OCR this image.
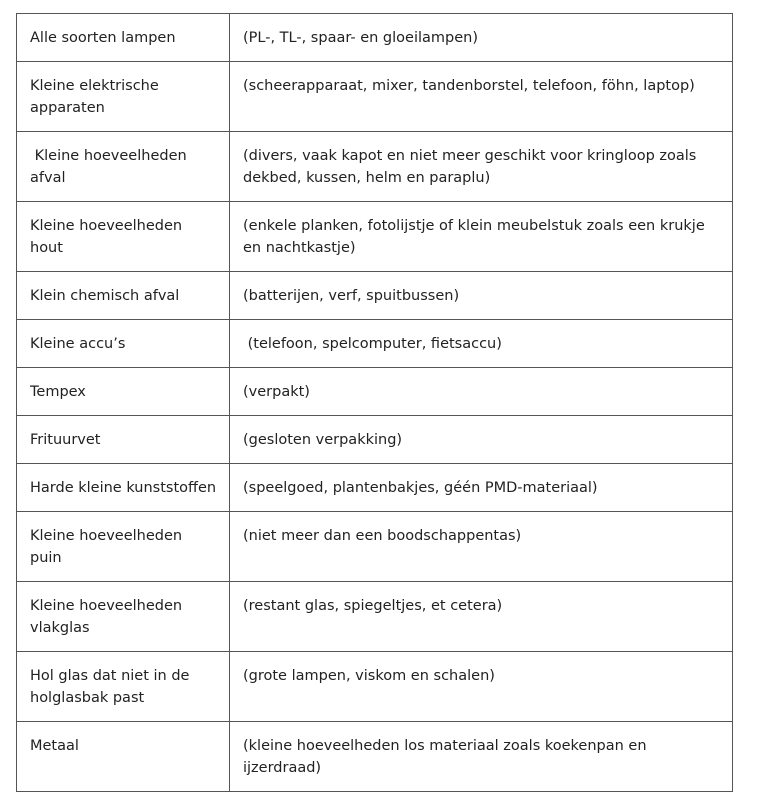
Alle soorten lampen	(PL-, TL-, spaar- en gloeilampen)
Kleine elektrische apparaten	(scheerapparaat, mixer, tandenborstel, telefoon, föhn, laptop)
Kleine hoeveelheden afval	(divers, vaak kapot en niet meer geschikt voor kringloop zoals dekbed, kussen, helm en paraplu)
Kleine hoeveelheden hout	(enkele planken, fotolijstje of klein meubelstuk zoals een krukje en nachtkastje)
Klein chemisch afval	(batterijen, verf, spuitbussen)
Kleine accu’s	(telefoon, spelcomputer, fietsaccu)
Tempex	(verpakt)
Frituurvet	(gesloten verpakking)
Harde kleine kunststoffen	(speelgoed, plantenbakjes, géén PMD-materiaal)
Kleine hoeveelheden puin	(niet meer dan een boodschappentas)
Kleine hoeveelheden vlakglas	(restant glas, spiegeltjes, et cetera)
Hol glas dat niet in de holglasbak past	(grote lampen, viskom en schalen)
Metaal	(kleine hoeveelheden los materiaal zoals koekenpan en ijzerdraad)
